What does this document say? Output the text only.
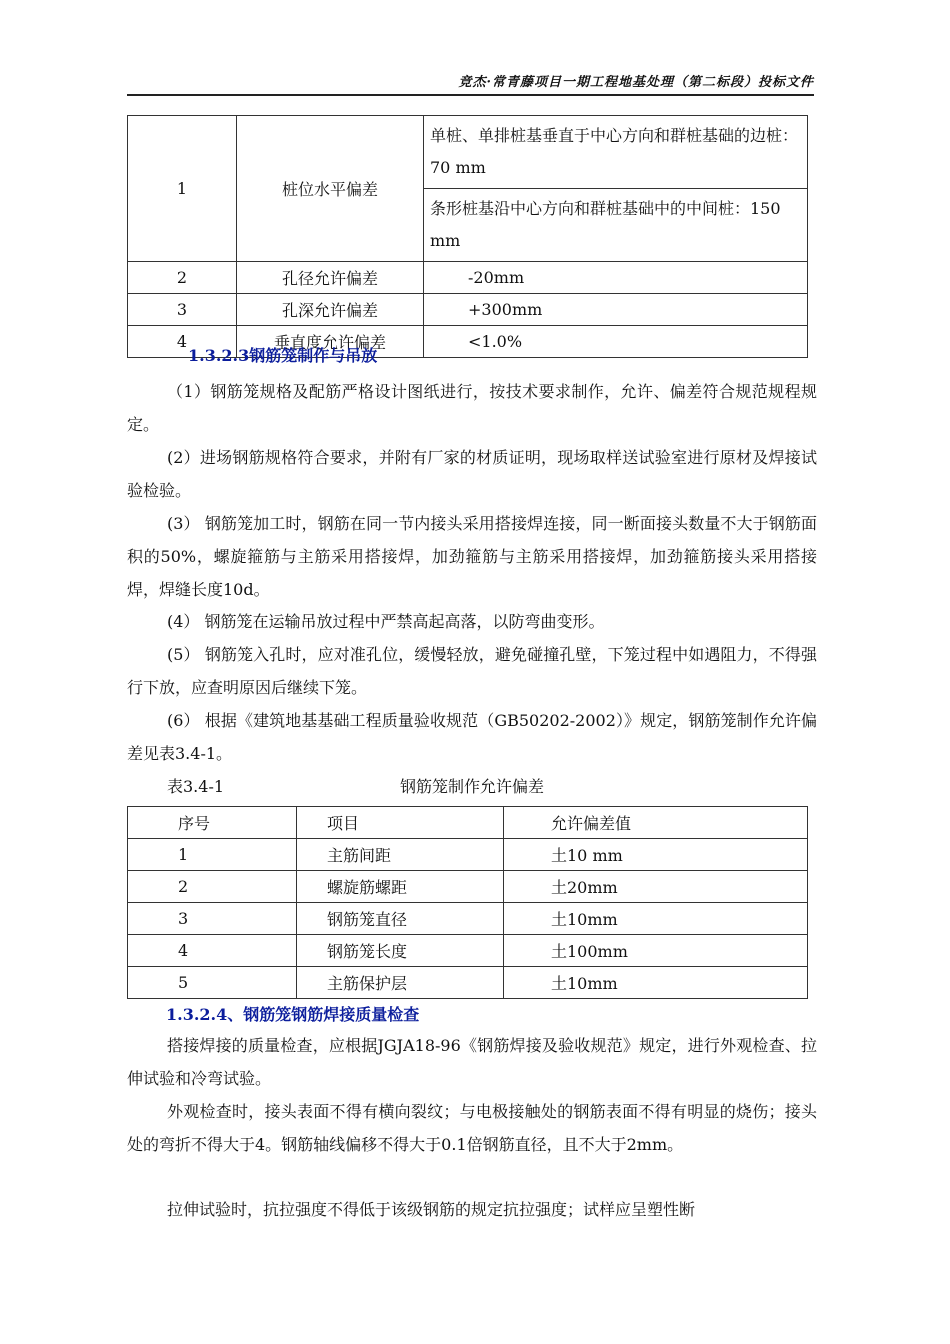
竞杰·常青藤项目一期工程地基处理（第二标段）投标文件
1	桩位水平偏差	单桩、单排桩基垂直于中心方向和群桩基础的边桩：70 mm
		条形桩基沿中心方向和群桩基础中的中间桩：150 mm
2	孔径允许偏差	-20mm
3	孔深允许偏差	+300mm
4	垂直度允许偏差	<1.0%
1.3.2.3钢筋笼制作与吊放

（1）钢筋笼规格及配筋严格设计图纸进行，按技术要求制作，允许、偏差符合规范规程规定。

(2）进场钢筋规格符合要求，并附有厂家的材质证明，现场取样送试验室进行原材及焊接试验检验。

(3） 钢筋笼加工时，钢筋在同一节内接头采用搭接焊连接，同一断面接头数量不大于钢筋面积的50%，螺旋箍筋与主筋采用搭接焊，加劲箍筋与主筋采用搭接焊，加劲箍筋接头采用搭接焊，焊缝长度10d。

(4） 钢筋笼在运输吊放过程中严禁高起高落，以防弯曲变形。

(5） 钢筋笼入孔时，应对准孔位，缓慢轻放，避免碰撞孔壁，下笼过程中如遇阻力，不得强行下放，应查明原因后继续下笼。

(6） 根据《建筑地基基础工程质量验收规范（GB50202-2002）》规定，钢筋笼制作允许偏差见表3.4-1。

表3.4-1	钢筋笼制作允许偏差
序号	项目	允许偏差值
1	主筋间距	土10 mm
2	螺旋筋螺距	土20mm
3	钢筋笼直径	土10mm
4	钢筋笼长度	土100mm
5	主筋保护层	土10mm
1.3.2.4、钢筋笼钢筋焊接质量检查

搭接焊接的质量检查，应根据JGJA18-96《钢筋焊接及验收规范》规定，进行外观检查、拉伸试验和冷弯试验。

外观检查时，接头表面不得有横向裂纹；与电极接触处的钢筋表面不得有明显的烧伤；接头处的弯折不得大于4。钢筋轴线偏移不得大于0.1倍钢筋直径，且不大于2mm。

拉伸试验时，抗拉强度不得低于该级钢筋的规定抗拉强度；试样应呈塑性断
